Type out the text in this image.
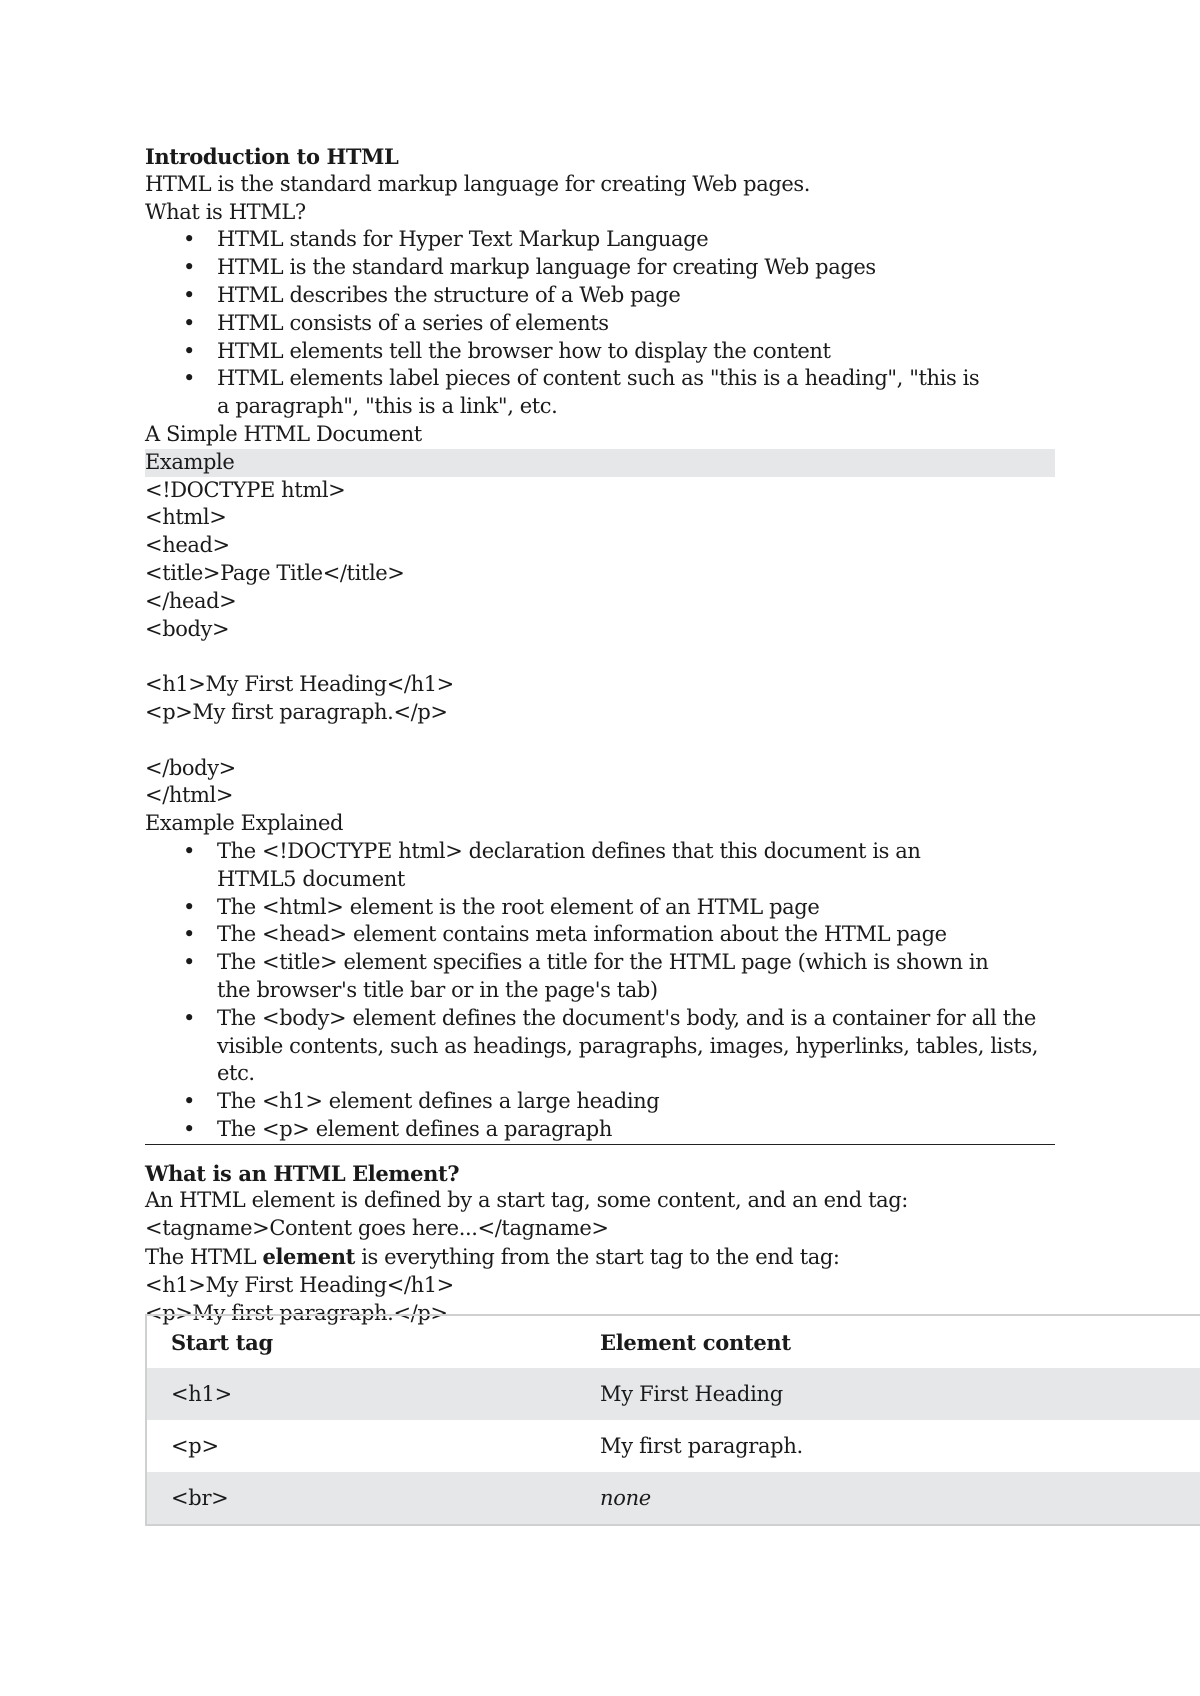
Introduction to HTML
HTML is the standard markup language for creating Web pages.
What is HTML?
• HTML stands for Hyper Text Markup Language
• HTML is the standard markup language for creating Web pages
• HTML describes the structure of a Web page
• HTML consists of a series of elements
• HTML elements tell the browser how to display the content
• HTML elements label pieces of content such as "this is a heading", "this is a paragraph", "this is a link", etc.
A Simple HTML Document
Example
<!DOCTYPE html>
<html>
<head>
<title>Page Title</title>
</head>
<body>
<h1>My First Heading</h1>
<p>My first paragraph.</p>
</body>
</html>
Example Explained
• The <!DOCTYPE html> declaration defines that this document is an HTML5 document
• The <html> element is the root element of an HTML page
• The <head> element contains meta information about the HTML page
• The <title> element specifies a title for the HTML page (which is shown in the browser's title bar or in the page's tab)
• The <body> element defines the document's body, and is a container for all the visible contents, such as headings, paragraphs, images, hyperlinks, tables, lists, etc.
• The <h1> element defines a large heading
• The <p> element defines a paragraph
What is an HTML Element?
An HTML element is defined by a start tag, some content, and an end tag:
<tagname>Content goes here...</tagname>
The HTML element is everything from the start tag to the end tag:
<h1>My First Heading</h1>
<p>My first paragraph.</p>
Start tag	Element content
<h1>	My First Heading
<p>	My first paragraph.
<br>	none
